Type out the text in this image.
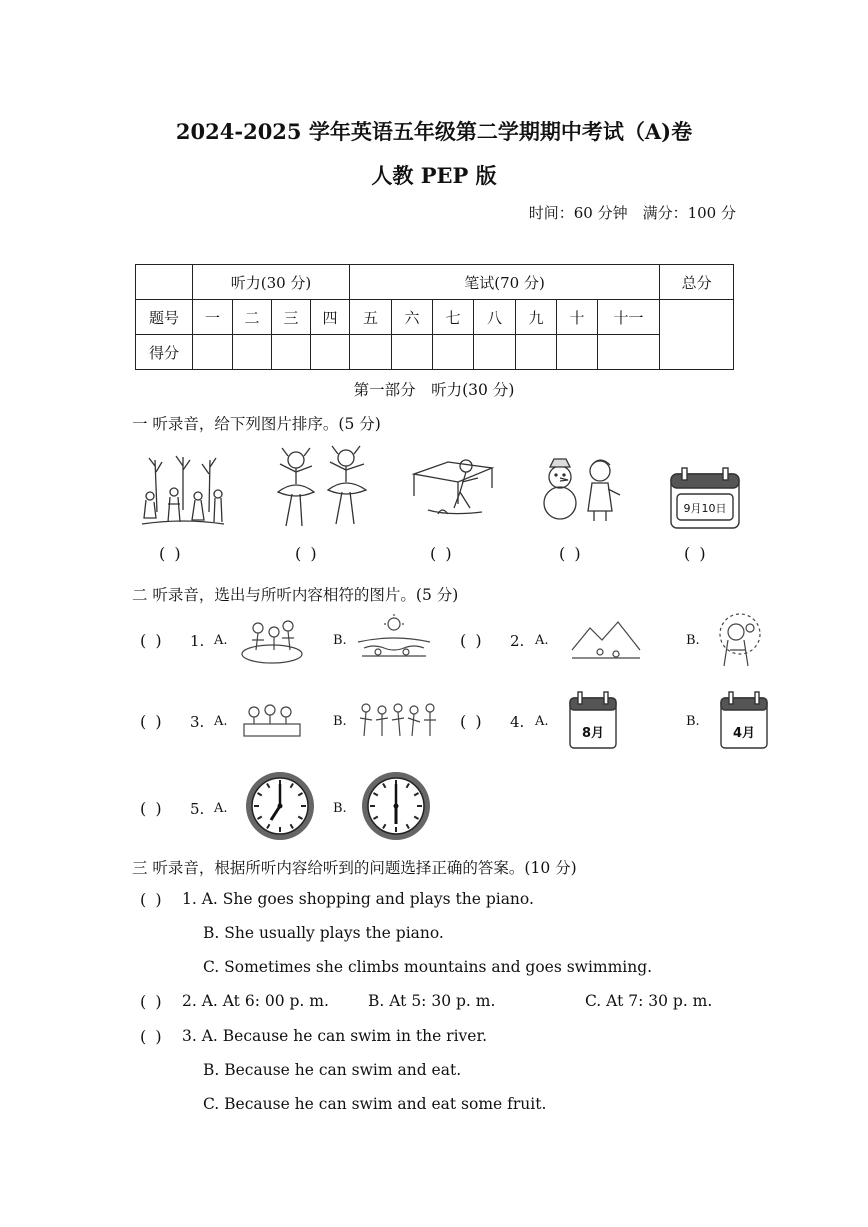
2024-2025 学年英语五年级第二学期期中考试（A)卷
人教 PEP 版
时间：60 分钟　满分：100 分
	听力(30 分)				笔试(70 分)							总分
题号	一	二	三	四	五	六	七	八	九	十	十一	
得分												
第一部分　听力(30 分)
一 听录音，给下列图片排序。(5 分)
9月10日
( )	( )	( )	( )	( )
二 听录音，选出与所听内容相符的图片。(5 分)
( ) 1. A.	B.	( ) 2. A.	B.
( ) 3. A.	B.	( ) 4. A.
8月
B.
4月
( ) 5. A.	B.
三 听录音，根据所听内容给听到的问题选择正确的答案。(10 分)
( ) 1. A. She goes shopping and plays the piano.
B. She usually plays the piano.
C. Sometimes she climbs mountains and goes swimming.
( ) 2. A. At 6: 00 p. m.	B. At 5: 30 p. m.	C. At 7: 30 p. m.
( ) 3. A. Because he can swim in the river.
B. Because he can swim and eat.
C. Because he can swim and eat some fruit.
